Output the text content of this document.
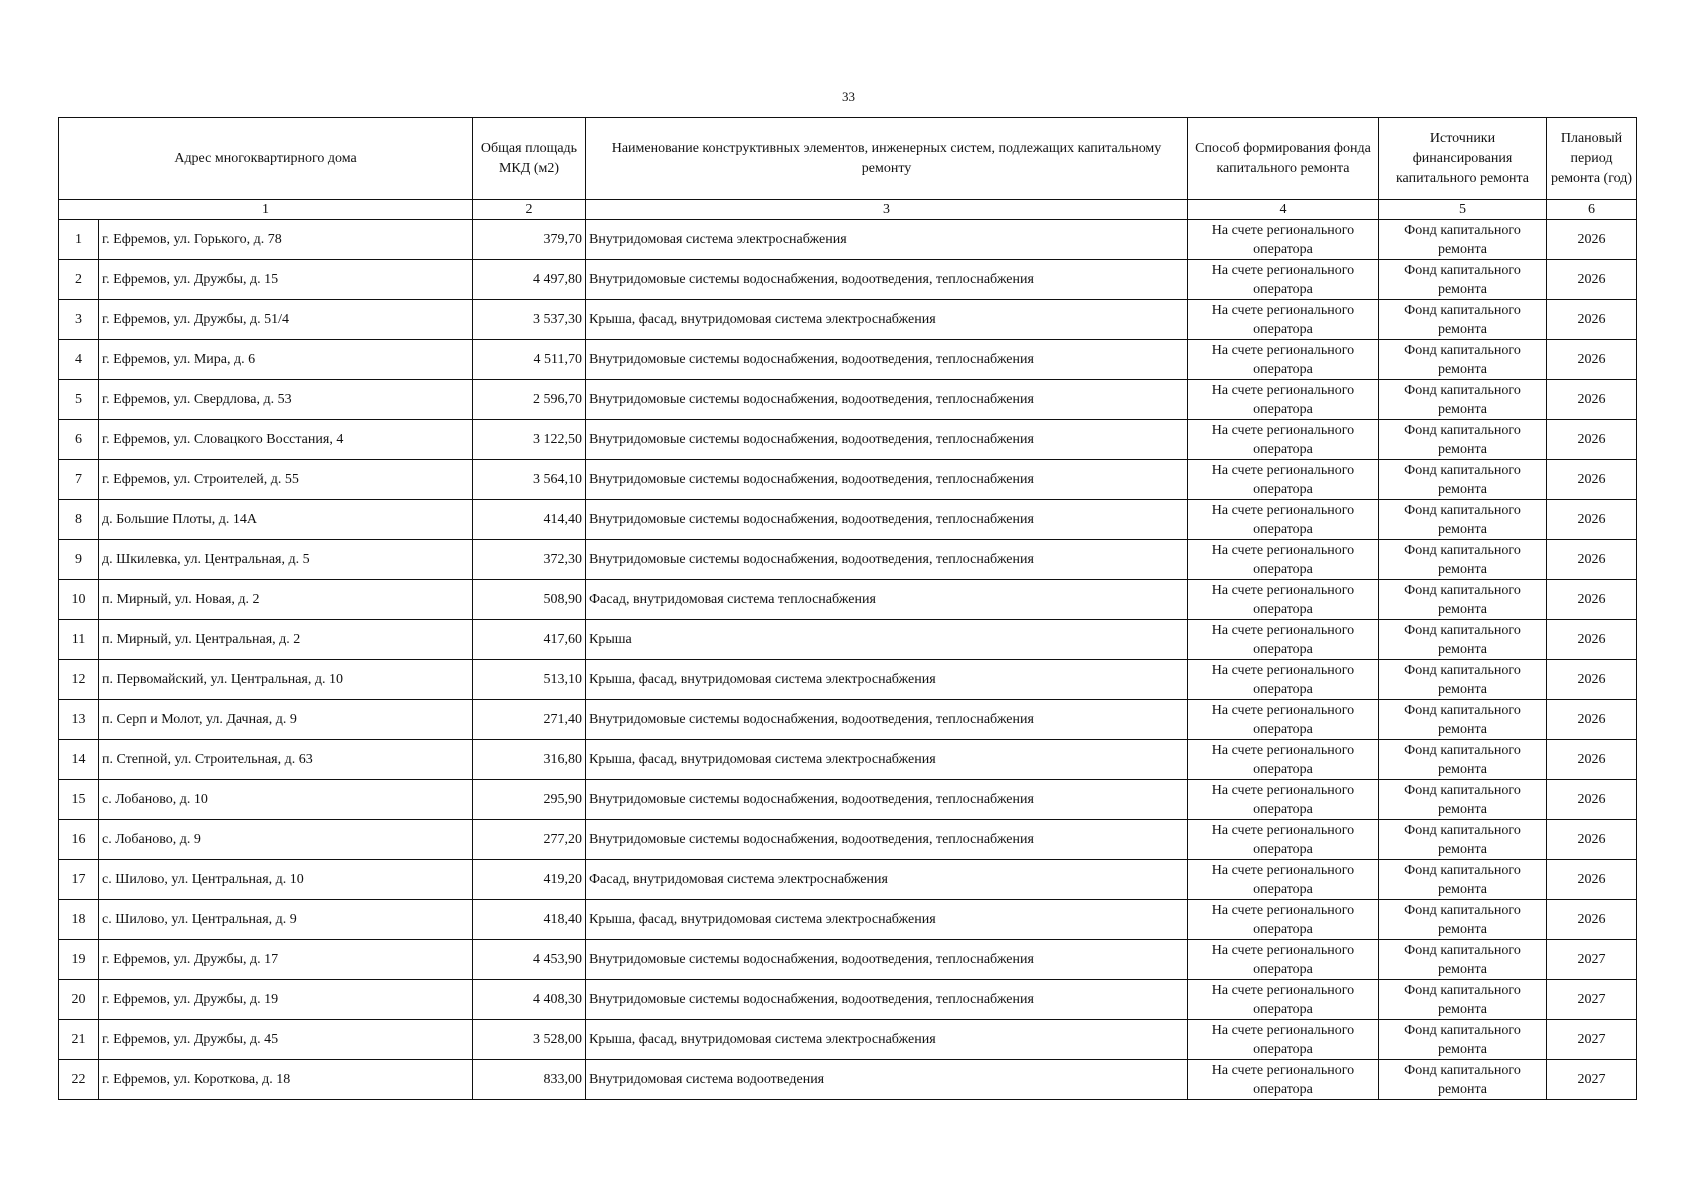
33
Адрес многоквартирного дома		Общая площадь МКД (м2)	Наименование конструктивных элементов, инженерных систем, подлежащих капитальному ремонту	Способ формирования фонда капитального ремонта	Источники финансирования капитального ремонта	Плановый период ремонта (год)
1		2	3	4	5	6
1	г. Ефремов, ул. Горького, д. 78	379,70	Внутридомовая система электроснабжения	На счете регионального оператора	Фонд капитального ремонта	2026
2	г. Ефремов, ул. Дружбы, д. 15	4 497,80	Внутридомовые системы водоснабжения, водоотведения, теплоснабжения	На счете регионального оператора	Фонд капитального ремонта	2026
3	г. Ефремов, ул. Дружбы, д. 51/4	3 537,30	Крыша, фасад, внутридомовая система электроснабжения	На счете регионального оператора	Фонд капитального ремонта	2026
4	г. Ефремов, ул. Мира, д. 6	4 511,70	Внутридомовые системы водоснабжения, водоотведения, теплоснабжения	На счете регионального оператора	Фонд капитального ремонта	2026
5	г. Ефремов, ул. Свердлова, д. 53	2 596,70	Внутридомовые системы водоснабжения, водоотведения, теплоснабжения	На счете регионального оператора	Фонд капитального ремонта	2026
6	г. Ефремов, ул. Словацкого Восстания, 4	3 122,50	Внутридомовые системы водоснабжения, водоотведения, теплоснабжения	На счете регионального оператора	Фонд капитального ремонта	2026
7	г. Ефремов, ул. Строителей, д. 55	3 564,10	Внутридомовые системы водоснабжения, водоотведения, теплоснабжения	На счете регионального оператора	Фонд капитального ремонта	2026
8	д. Большие Плоты, д. 14А	414,40	Внутридомовые системы водоснабжения, водоотведения, теплоснабжения	На счете регионального оператора	Фонд капитального ремонта	2026
9	д. Шкилевка, ул. Центральная, д. 5	372,30	Внутридомовые системы водоснабжения, водоотведения, теплоснабжения	На счете регионального оператора	Фонд капитального ремонта	2026
10	п. Мирный, ул. Новая, д. 2	508,90	Фасад, внутридомовая система теплоснабжения	На счете регионального оператора	Фонд капитального ремонта	2026
11	п. Мирный, ул. Центральная, д. 2	417,60	Крыша	На счете регионального оператора	Фонд капитального ремонта	2026
12	п. Первомайский, ул. Центральная, д. 10	513,10	Крыша, фасад, внутридомовая система электроснабжения	На счете регионального оператора	Фонд капитального ремонта	2026
13	п. Серп и Молот, ул. Дачная, д. 9	271,40	Внутридомовые системы водоснабжения, водоотведения, теплоснабжения	На счете регионального оператора	Фонд капитального ремонта	2026
14	п. Степной, ул. Строительная, д. 63	316,80	Крыша, фасад, внутридомовая система электроснабжения	На счете регионального оператора	Фонд капитального ремонта	2026
15	с. Лобаново, д. 10	295,90	Внутридомовые системы водоснабжения, водоотведения, теплоснабжения	На счете регионального оператора	Фонд капитального ремонта	2026
16	с. Лобаново, д. 9	277,20	Внутридомовые системы водоснабжения, водоотведения, теплоснабжения	На счете регионального оператора	Фонд капитального ремонта	2026
17	с. Шилово, ул. Центральная, д. 10	419,20	Фасад, внутридомовая система электроснабжения	На счете регионального оператора	Фонд капитального ремонта	2026
18	с. Шилово, ул. Центральная, д. 9	418,40	Крыша, фасад, внутридомовая система электроснабжения	На счете регионального оператора	Фонд капитального ремонта	2026
19	г. Ефремов, ул. Дружбы, д. 17	4 453,90	Внутридомовые системы водоснабжения, водоотведения, теплоснабжения	На счете регионального оператора	Фонд капитального ремонта	2027
20	г. Ефремов, ул. Дружбы, д. 19	4 408,30	Внутридомовые системы водоснабжения, водоотведения, теплоснабжения	На счете регионального оператора	Фонд капитального ремонта	2027
21	г. Ефремов, ул. Дружбы, д. 45	3 528,00	Крыша, фасад, внутридомовая система электроснабжения	На счете регионального оператора	Фонд капитального ремонта	2027
22	г. Ефремов, ул. Короткова, д. 18	833,00	Внутридомовая система водоотведения	На счете регионального оператора	Фонд капитального ремонта	2027
